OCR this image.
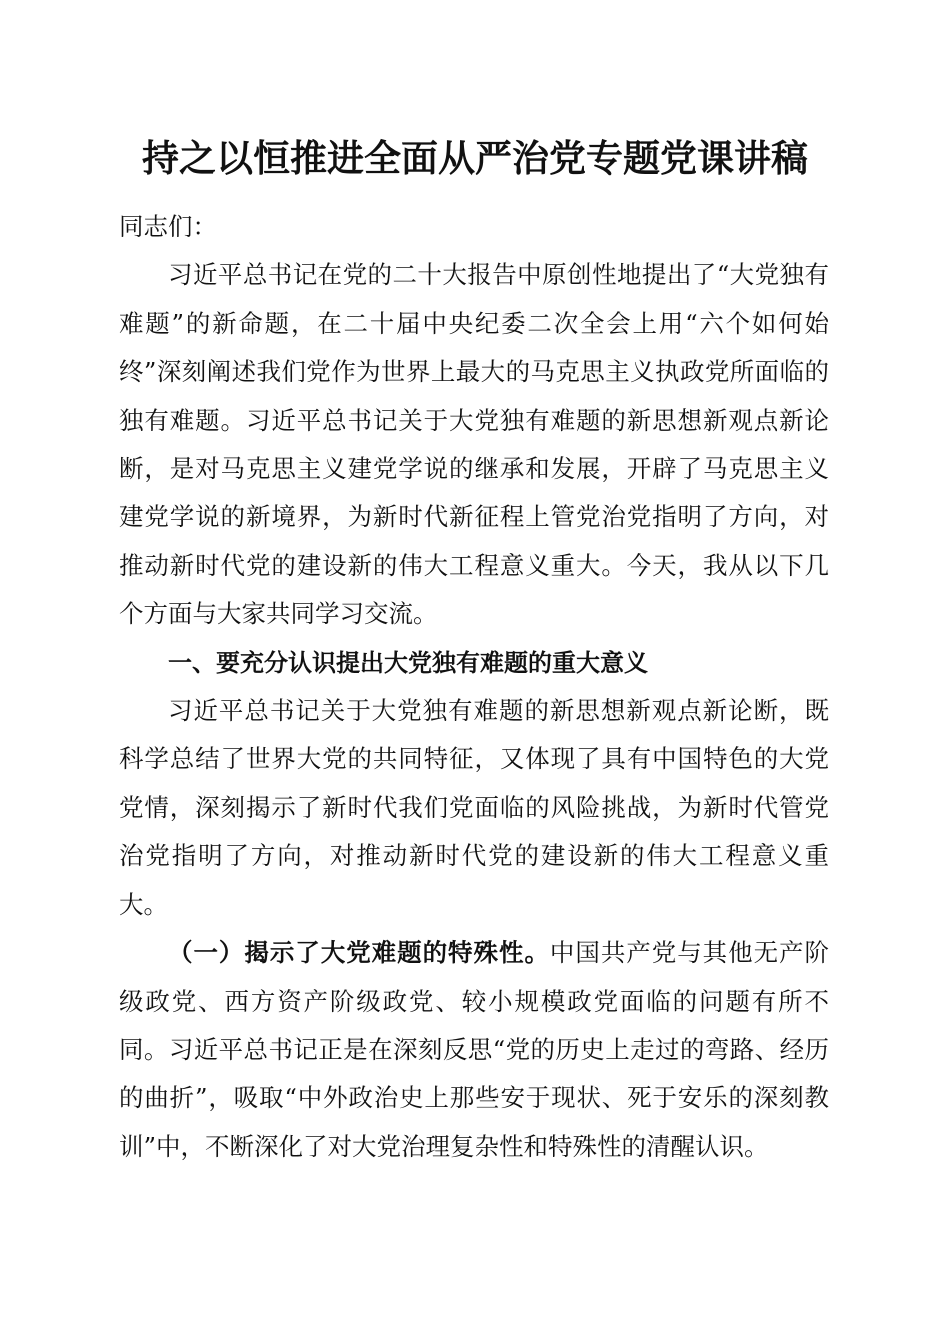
持之以恒推进全面从严治党专题党课讲稿

同志们：

习近平总书记在党的二十大报告中原创性地提出了“大党独有难题”的新命题，在二十届中央纪委二次全会上用“六个如何始终”深刻阐述我们党作为世界上最大的马克思主义执政党所面临的独有难题。习近平总书记关于大党独有难题的新思想新观点新论断，是对马克思主义建党学说的继承和发展，开辟了马克思主义建党学说的新境界，为新时代新征程上管党治党指明了方向，对推动新时代党的建设新的伟大工程意义重大。今天，我从以下几个方面与大家共同学习交流。

一、要充分认识提出大党独有难题的重大意义

习近平总书记关于大党独有难题的新思想新观点新论断，既科学总结了世界大党的共同特征，又体现了具有中国特色的大党党情，深刻揭示了新时代我们党面临的风险挑战，为新时代管党治党指明了方向，对推动新时代党的建设新的伟大工程意义重大。

（一）揭示了大党难题的特殊性。中国共产党与其他无产阶级政党、西方资产阶级政党、较小规模政党面临的问题有所不同。习近平总书记正是在深刻反思“党的历史上走过的弯路、经历的曲折”，吸取“中外政治史上那些安于现状、死于安乐的深刻教训”中，不断深化了对大党治理复杂性和特殊性的清醒认识。
